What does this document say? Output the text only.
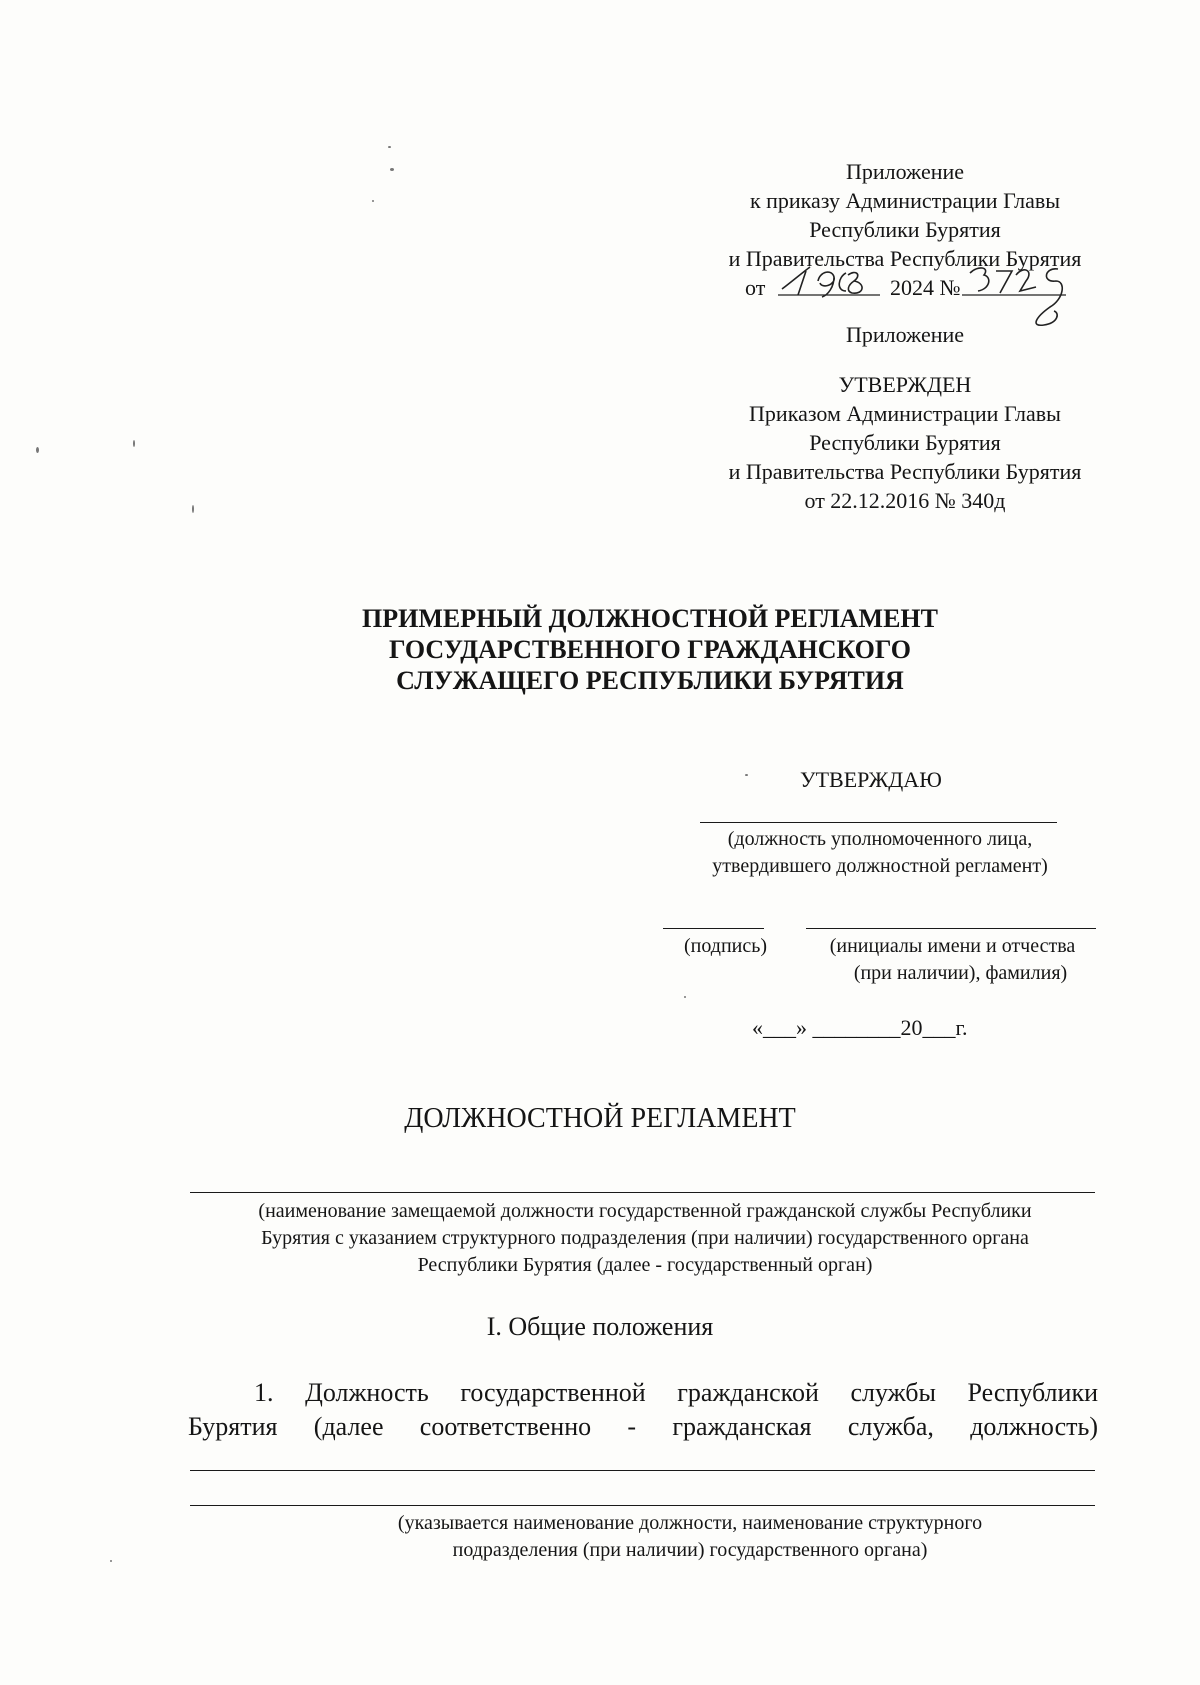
Приложение
к приказу Администрации Главы
Республики Бурятия
и Правительства Республики Бурятия
от	2024 №
Приложение
УТВЕРЖДЕН
Приказом Администрации Главы
Республики Бурятия
и Правительства Республики Бурятия
от 22.12.2016 № 340д
ПРИМЕРНЫЙ ДОЛЖНОСТНОЙ РЕГЛАМЕНТ
ГОСУДАРСТВЕННОГО ГРАЖДАНСКОГО
СЛУЖАЩЕГО РЕСПУБЛИКИ БУРЯТИЯ
УТВЕРЖДАЮ
(должность уполномоченного лица,
утвердившего должностной регламент)
(подпись)	(инициалы имени и отчества
(при наличии), фамилия)
«___» ________20___г.
ДОЛЖНОСТНОЙ РЕГЛАМЕНТ
(наименование замещаемой должности государственной гражданской службы Республики
Бурятия с указанием структурного подразделения (при наличии) государственного органа
Республики Бурятия (далее - государственный орган)
I. Общие положения
1. Должность государственной гражданской службы Республики
Бурятия (далее соответственно - гражданская служба, должность)
(указывается наименование должности, наименование структурного
подразделения (при наличии) государственного органа)
